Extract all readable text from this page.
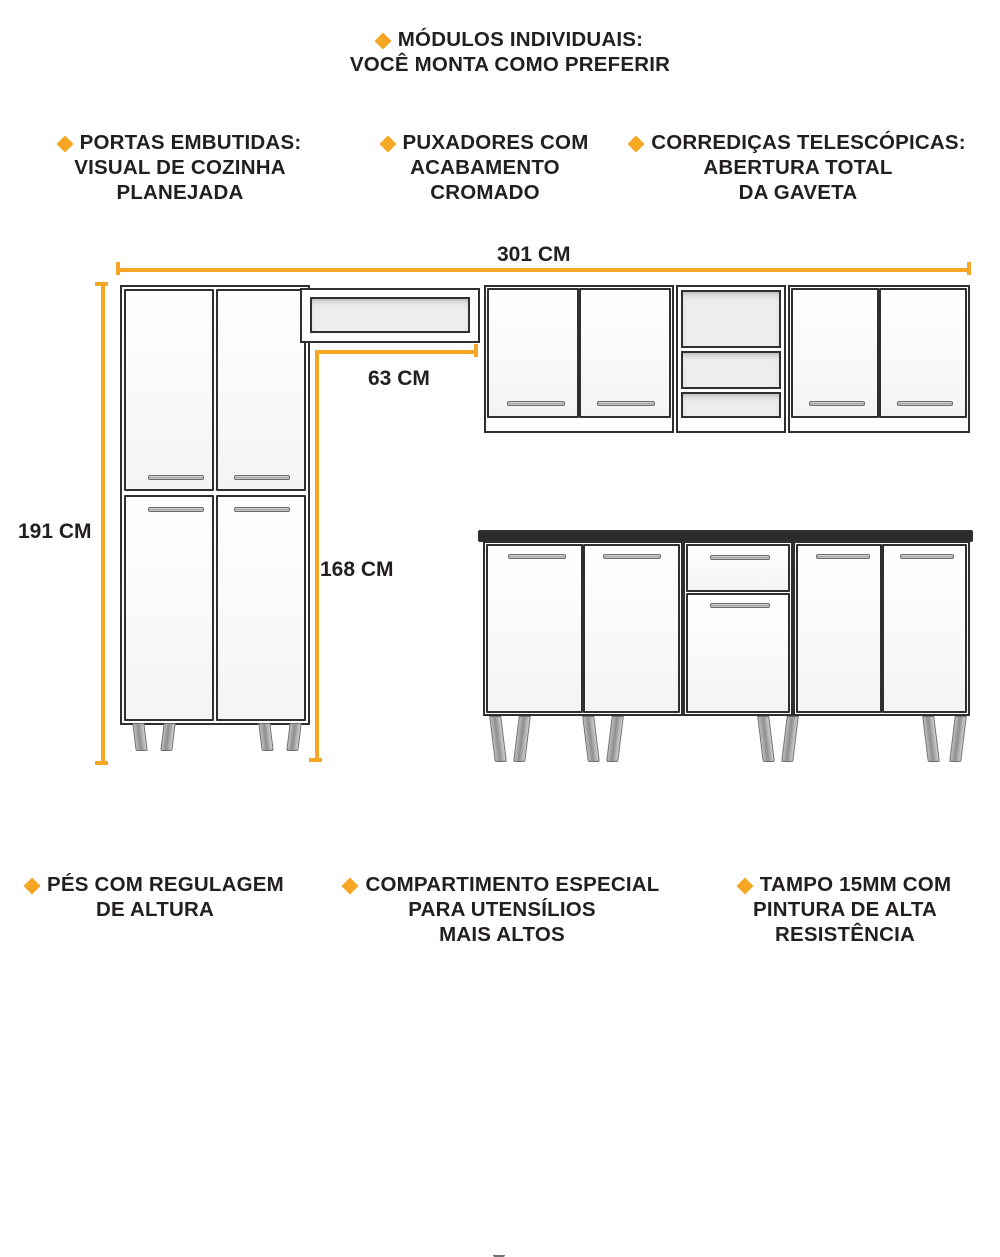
MÓDULOS INDIVIDUAIS:
VOCÊ MONTA COMO PREFERIR
PORTAS EMBUTIDAS:
VISUAL DE COZINHA
PLANEJADA
PUXADORES COM
ACABAMENTO
CROMADO
CORREDIÇAS TELESCÓPICAS:
ABERTURA TOTAL
DA GAVETA
301 CM
191 CM
168 CM
63 CM
PÉS COM REGULAGEM
DE ALTURA
COMPARTIMENTO ESPECIAL
PARA UTENSÍLIOS
MAIS ALTOS
TAMPO 15MM COM
PINTURA DE ALTA
RESISTÊNCIA
